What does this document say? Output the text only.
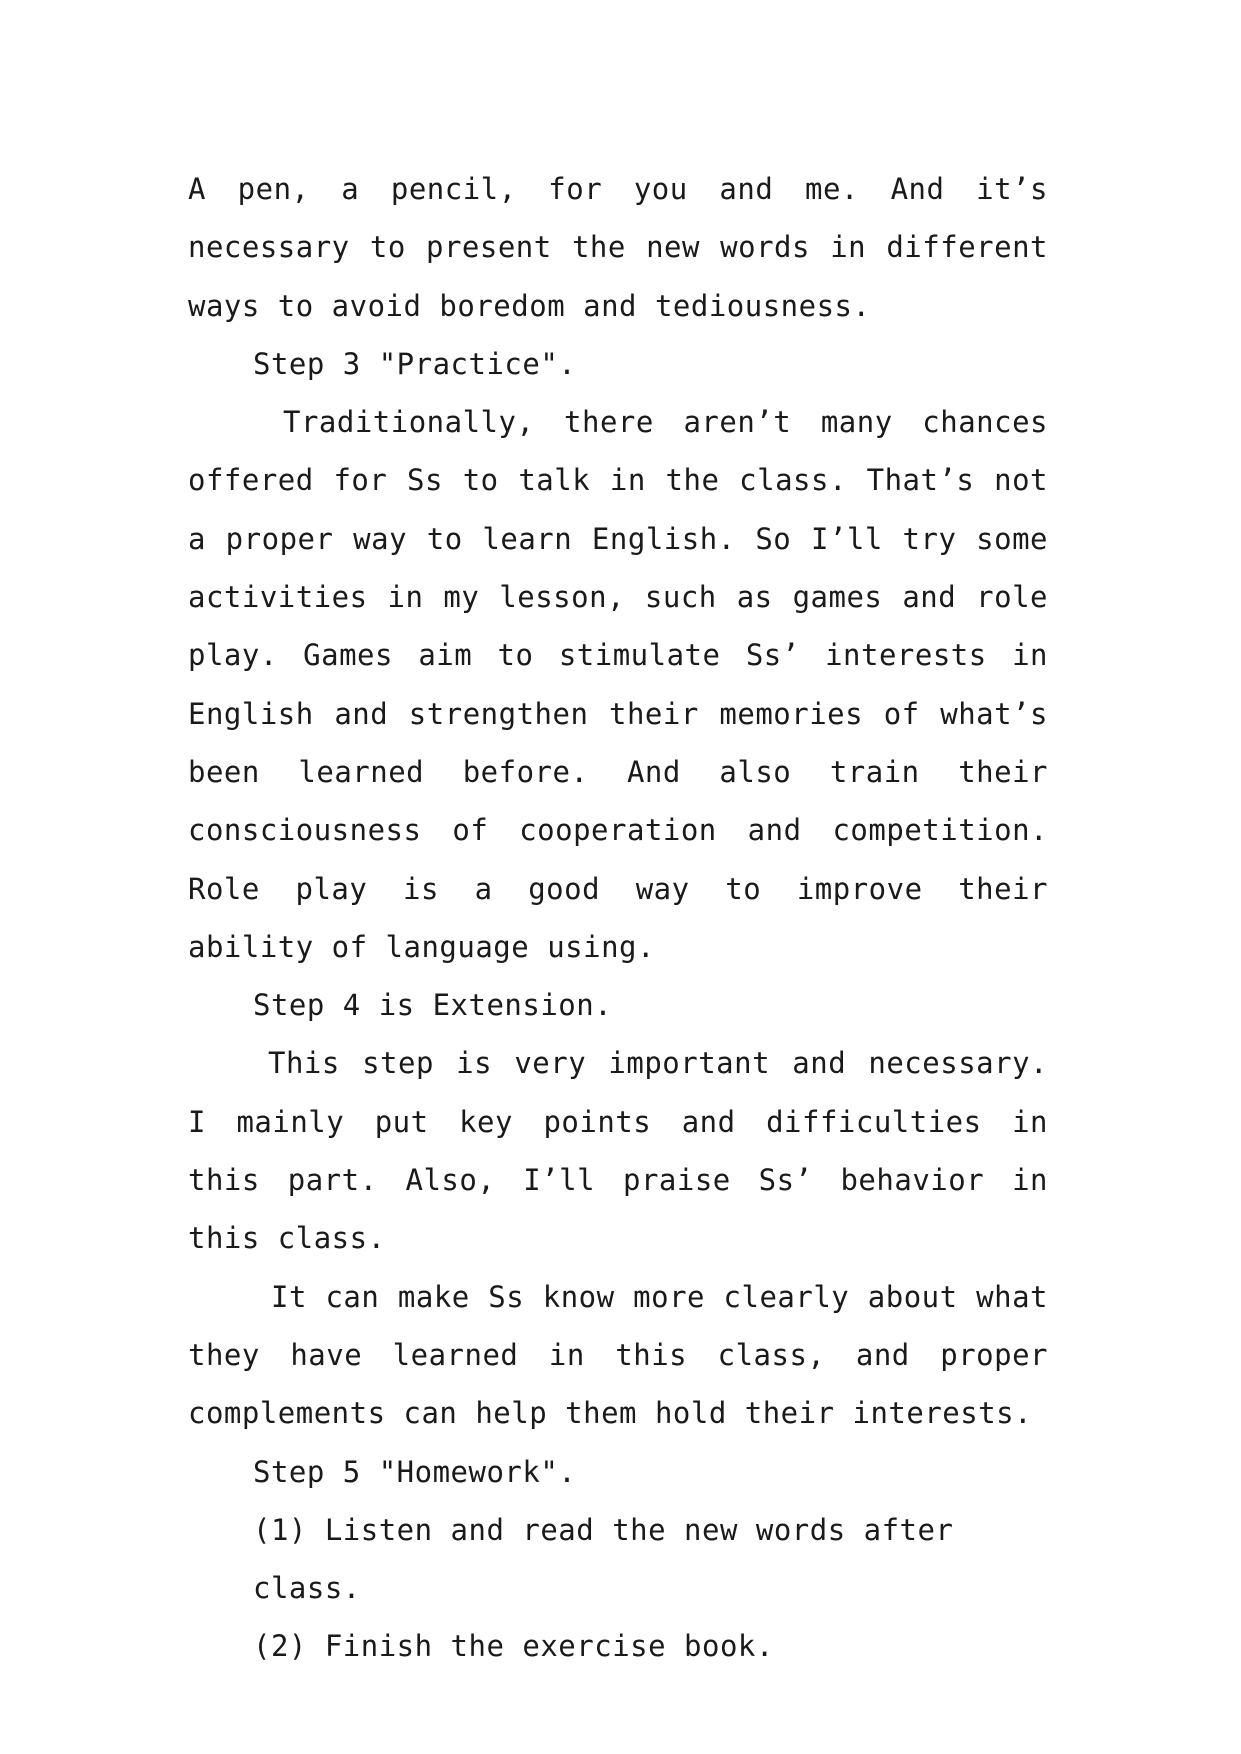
A pen, a pencil, for you and me. And it’s necessary to present the new words in different ways to avoid boredom and tediousness.

Step 3 "Practice".

Traditionally, there aren’t many chances offered for Ss to talk in the class. That’s not a proper way to learn English. So I’ll try some activities in my lesson, such as games and role play. Games aim to stimulate Ss’ interests in English and strengthen their memories of what’s been learned before. And also train their consciousness of cooperation and competition. Role play is a good way to improve their ability of language using.

Step 4 is Extension.

This step is very important and necessary. I mainly put key points and difficulties in this part. Also, I’ll praise Ss’ behavior in this class.

It can make Ss know more clearly about what they have learned in this class, and proper complements can help them hold their interests.

Step 5 "Homework".

(1) Listen and read the new words after class.

(2) Finish the exercise book.
